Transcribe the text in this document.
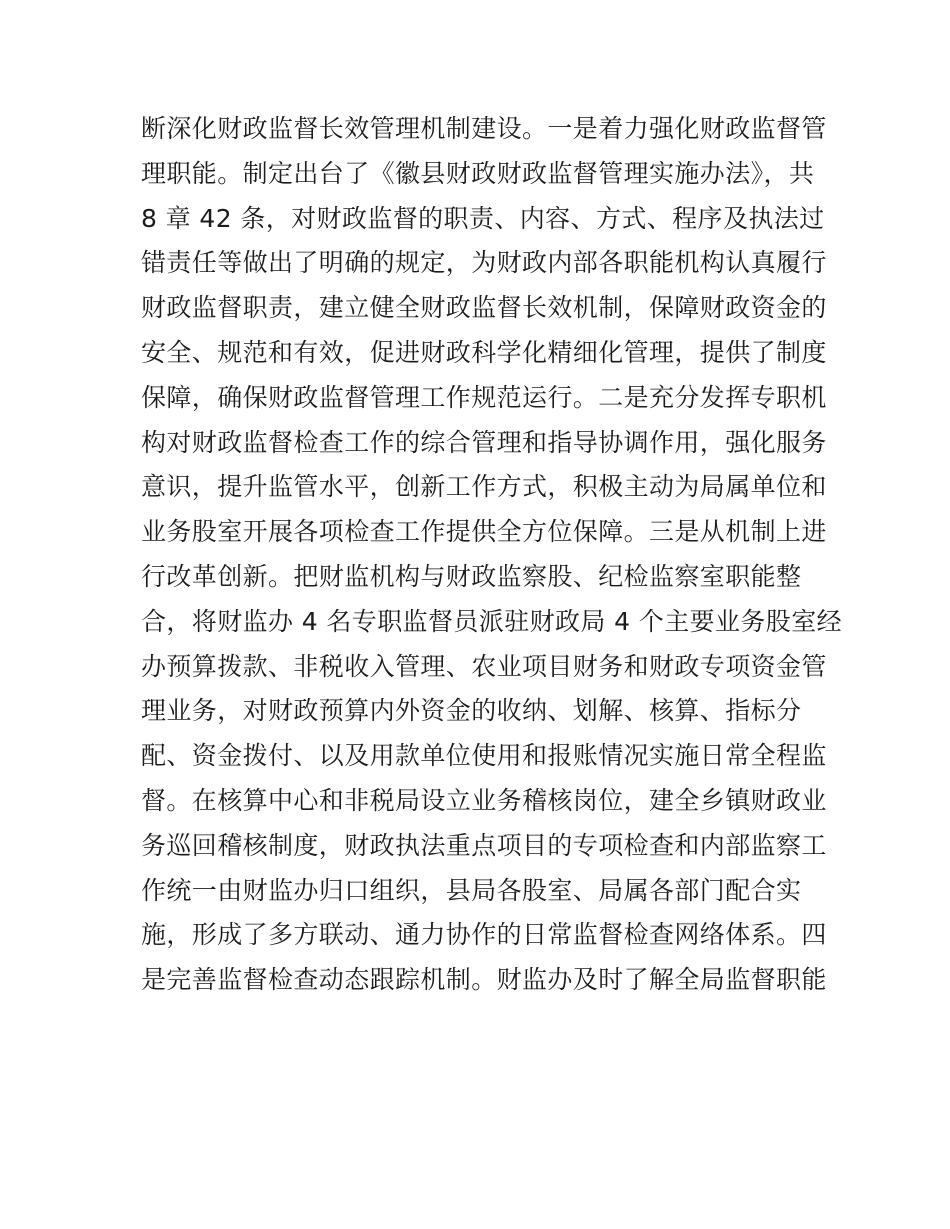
断深化财政监督长效管理机制建设。一是着力强化财政监督管
理职能。制定出台了《徽县财政财政监督管理实施办法》，共
8 章 42 条，对财政监督的职责、内容、方式、程序及执法过
错责任等做出了明确的规定，为财政内部各职能机构认真履行
财政监督职责，建立健全财政监督长效机制，保障财政资金的
安全、规范和有效，促进财政科学化精细化管理，提供了制度
保障，确保财政监督管理工作规范运行。二是充分发挥专职机
构对财政监督检查工作的综合管理和指导协调作用，强化服务
意识，提升监管水平，创新工作方式，积极主动为局属单位和
业务股室开展各项检查工作提供全方位保障。三是从机制上进
行改革创新。把财监机构与财政监察股、纪检监察室职能整
合，将财监办 4 名专职监督员派驻财政局 4 个主要业务股室经
办预算拨款、非税收入管理、农业项目财务和财政专项资金管
理业务，对财政预算内外资金的收纳、划解、核算、指标分
配、资金拨付、以及用款单位使用和报账情况实施日常全程监
督。在核算中心和非税局设立业务稽核岗位，建全乡镇财政业
务巡回稽核制度，财政执法重点项目的专项检查和内部监察工
作统一由财监办归口组织，县局各股室、局属各部门配合实
施，形成了多方联动、通力协作的日常监督检查网络体系。四
是完善监督检查动态跟踪机制。财监办及时了解全局监督职能
